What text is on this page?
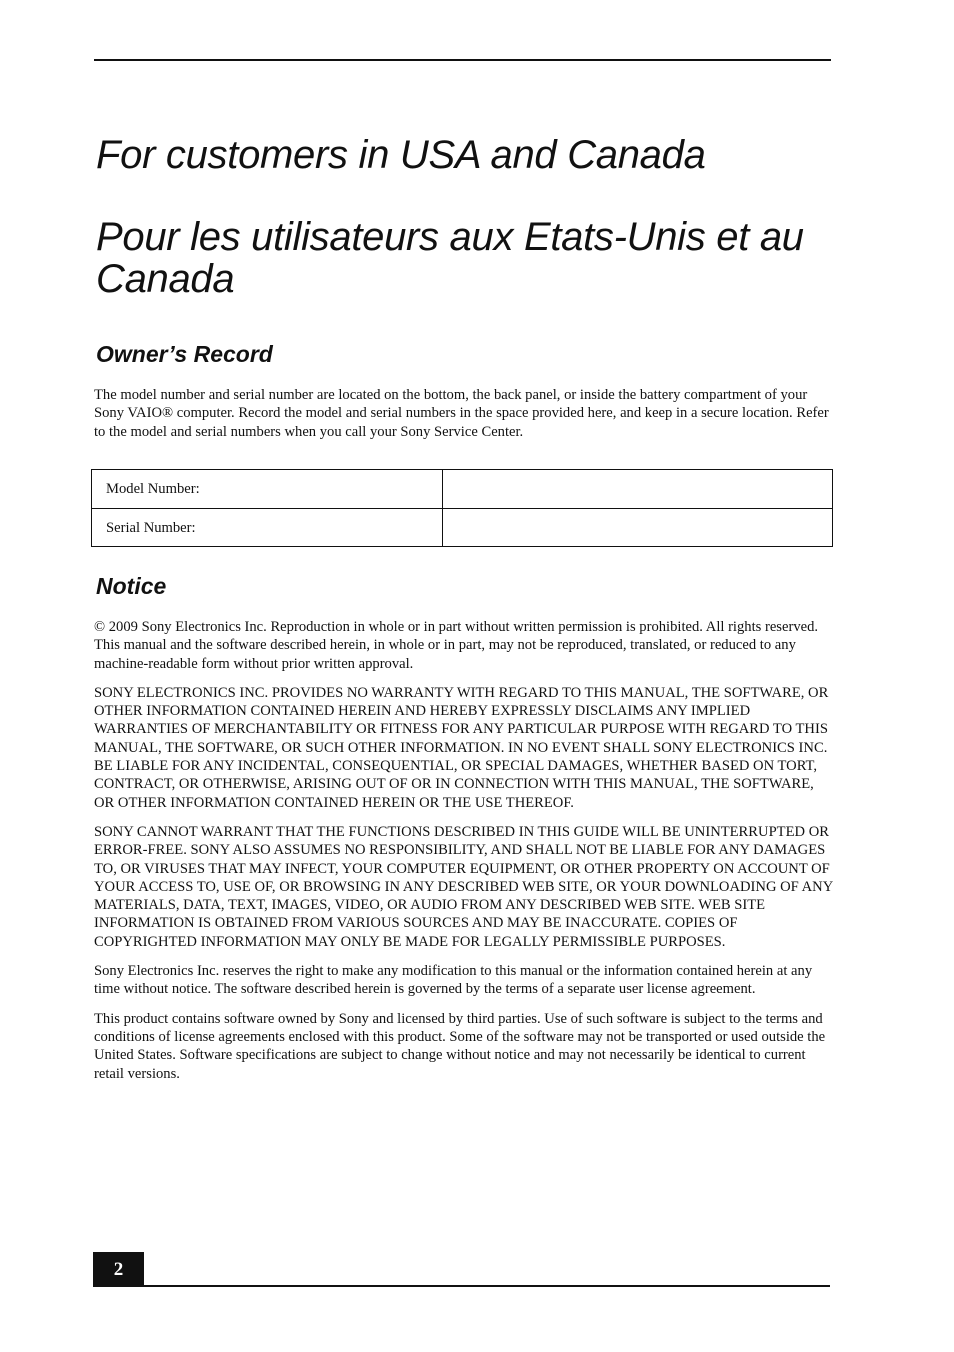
For customers in USA and Canada
Pour les utilisateurs aux Etats-Unis et au Canada
Owner’s Record

The model number and serial number are located on the bottom, the back panel, or inside the battery compartment of your Sony VAIO® computer. Record the model and serial numbers in the space provided here, and keep in a secure location. Refer to the model and serial numbers when you call your Sony Service Center.

Model Number:
Serial Number:
Notice

© 2009 Sony Electronics Inc. Reproduction in whole or in part without written permission is prohibited. All rights reserved. This manual and the software described herein, in whole or in part, may not be reproduced, translated, or reduced to any machine-readable form without prior written approval.

SONY ELECTRONICS INC. PROVIDES NO WARRANTY WITH REGARD TO THIS MANUAL, THE SOFTWARE, OR OTHER INFORMATION CONTAINED HEREIN AND HEREBY EXPRESSLY DISCLAIMS ANY IMPLIED WARRANTIES OF MERCHANTABILITY OR FITNESS FOR ANY PARTICULAR PURPOSE WITH REGARD TO THIS MANUAL, THE SOFTWARE, OR SUCH OTHER INFORMATION. IN NO EVENT SHALL SONY ELECTRONICS INC. BE LIABLE FOR ANY INCIDENTAL, CONSEQUENTIAL, OR SPECIAL DAMAGES, WHETHER BASED ON TORT, CONTRACT, OR OTHERWISE, ARISING OUT OF OR IN CONNECTION WITH THIS MANUAL, THE SOFTWARE, OR OTHER INFORMATION CONTAINED HEREIN OR THE USE THEREOF.

SONY CANNOT WARRANT THAT THE FUNCTIONS DESCRIBED IN THIS GUIDE WILL BE UNINTERRUPTED OR ERROR-FREE. SONY ALSO ASSUMES NO RESPONSIBILITY, AND SHALL NOT BE LIABLE FOR ANY DAMAGES TO, OR VIRUSES THAT MAY INFECT, YOUR COMPUTER EQUIPMENT, OR OTHER PROPERTY ON ACCOUNT OF YOUR ACCESS TO, USE OF, OR BROWSING IN ANY DESCRIBED WEB SITE, OR YOUR DOWNLOADING OF ANY MATERIALS, DATA, TEXT, IMAGES, VIDEO, OR AUDIO FROM ANY DESCRIBED WEB SITE. WEB SITE INFORMATION IS OBTAINED FROM VARIOUS SOURCES AND MAY BE INACCURATE. COPIES OF COPYRIGHTED INFORMATION MAY ONLY BE MADE FOR LEGALLY PERMISSIBLE PURPOSES.

Sony Electronics Inc. reserves the right to make any modification to this manual or the information contained herein at any time without notice. The software described herein is governed by the terms of a separate user license agreement.

This product contains software owned by Sony and licensed by third parties. Use of such software is subject to the terms and conditions of license agreements enclosed with this product. Some of the software may not be transported or used outside the United States. Software specifications are subject to change without notice and may not necessarily be identical to current retail versions.

2
